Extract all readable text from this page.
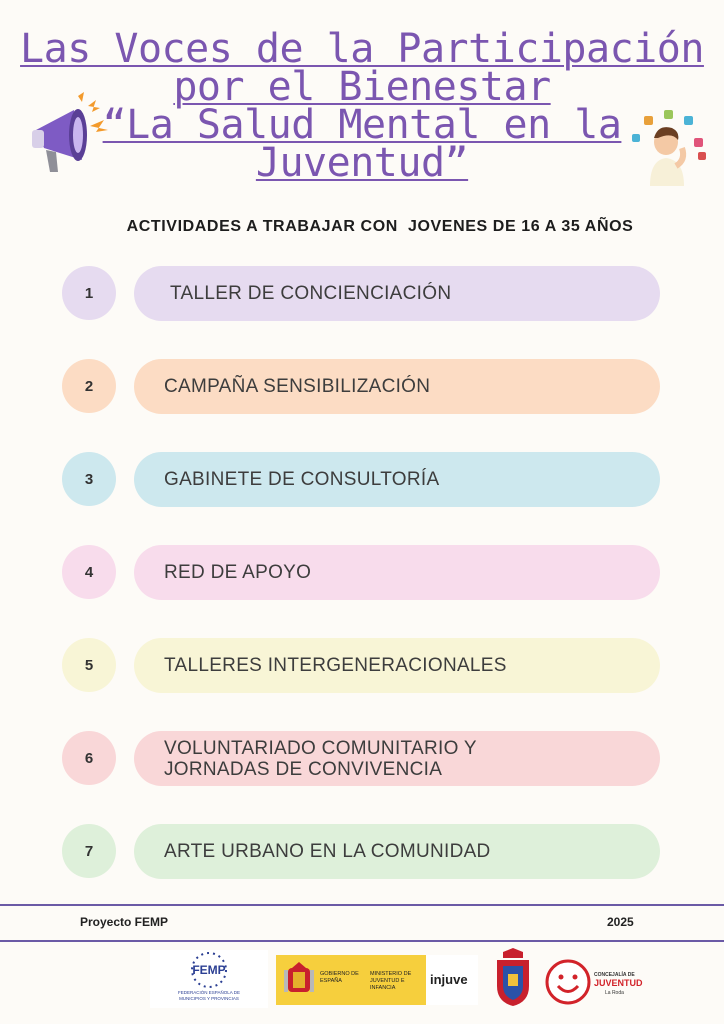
Las Voces de la Participación
por el Bienestar
“La Salud Mental en la
Juventud”
ACTIVIDADES A TRABAJAR CON  JOVENES DE 16 A 35 AÑOS
1	TALLER DE CONCIENCIACIÓN
2	CAMPAÑA SENSIBILIZACIÓN
3	GABINETE DE CONSULTORÍA
4	RED DE APOYO
5	TALLERES INTERGENERACIONALES
6	VOLUNTARIADO COMUNITARIO Y
JORNADAS DE CONVIVENCIA
7	ARTE URBANO EN LA COMUNIDAD
Proyecto FEMP	2025
FEMP
FEDERACIÓN ESPAÑOLA DE MUNICIPIOS Y PROVINCIAS
GOBIERNO DE ESPAÑA
MINISTERIO DE JUVENTUD E INFANCIA
injuve	CONCEJALÍA DE
JUVENTUD
La Roda
